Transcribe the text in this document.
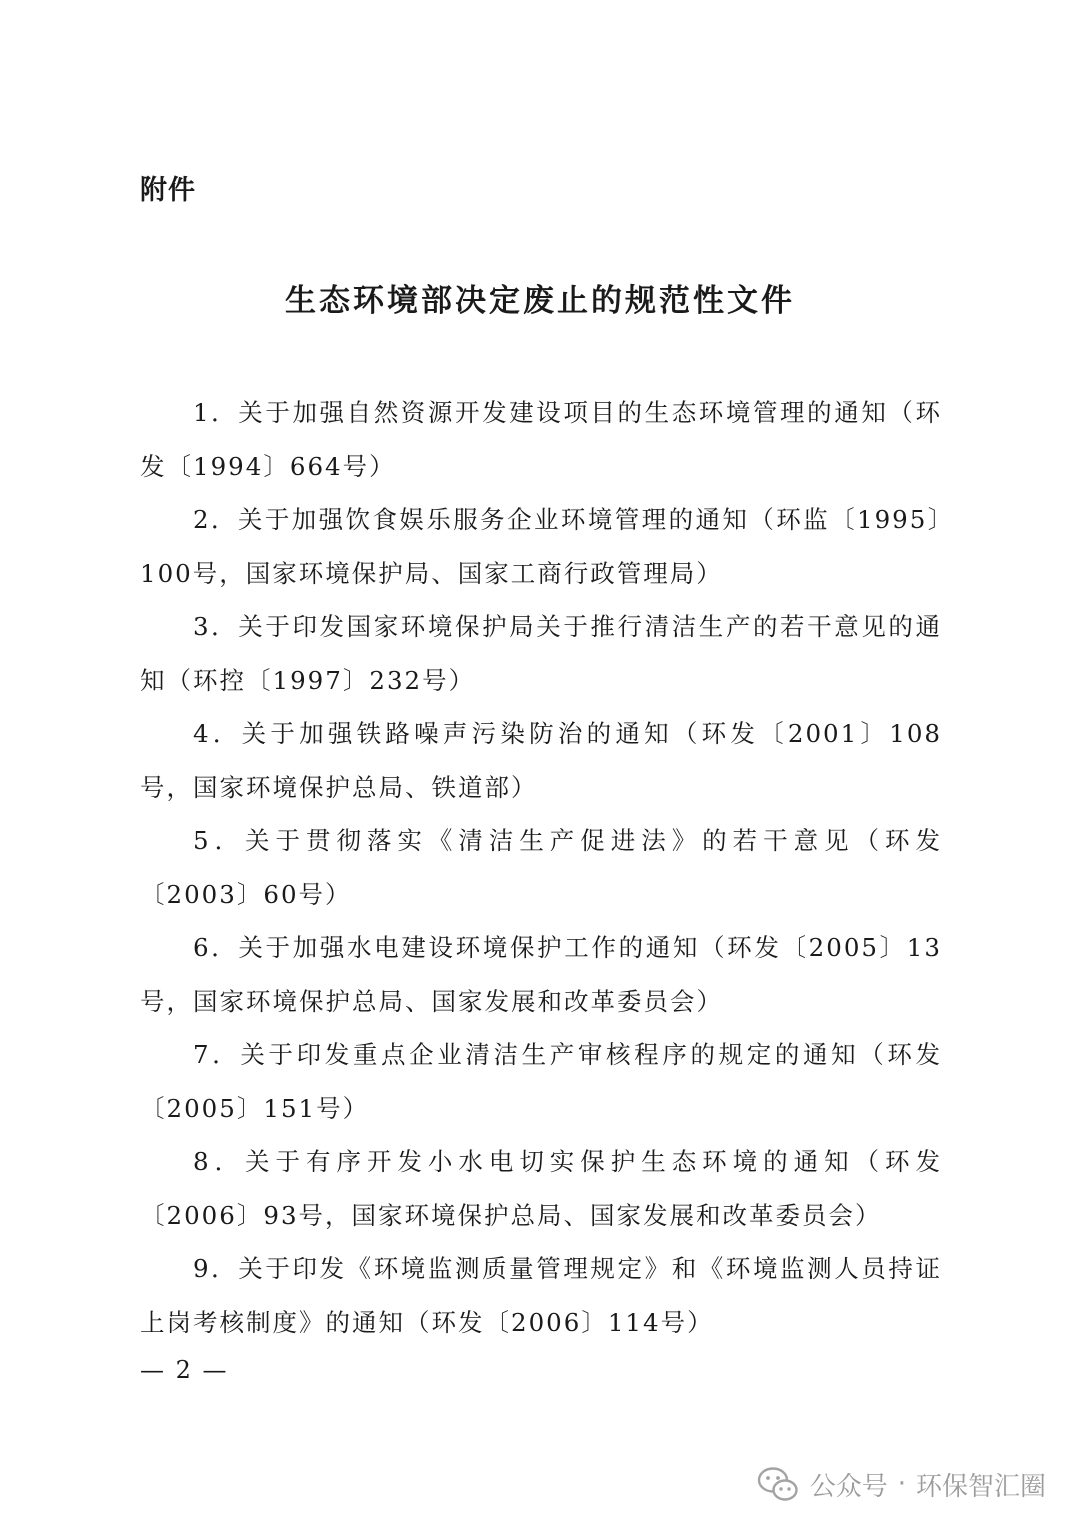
附件
生态环境部决定废止的规范性文件
1．关于加强自然资源开发建设项目的生态环境管理的通知（环发〔1994〕664号）
2．关于加强饮食娱乐服务企业环境管理的通知（环监〔1995〕100号，国家环境保护局、国家工商行政管理局）
3．关于印发国家环境保护局关于推行清洁生产的若干意见的通知（环控〔1997〕232号）
4．关于加强铁路噪声污染防治的通知（环发〔2001〕108号，国家环境保护总局、铁道部）
5．关于贯彻落实《清洁生产促进法》的若干意见（环发〔2003〕60号）
6．关于加强水电建设环境保护工作的通知（环发〔2005〕13号，国家环境保护总局、国家发展和改革委员会）
7．关于印发重点企业清洁生产审核程序的规定的通知（环发〔2005〕151号）
8．关于有序开发小水电切实保护生态环境的通知（环发〔2006〕93号，国家环境保护总局、国家发展和改革委员会）
9．关于印发《环境监测质量管理规定》和《环境监测人员持证上岗考核制度》的通知（环发〔2006〕114号）
— 2 —
公众号 · 环保智汇圈
